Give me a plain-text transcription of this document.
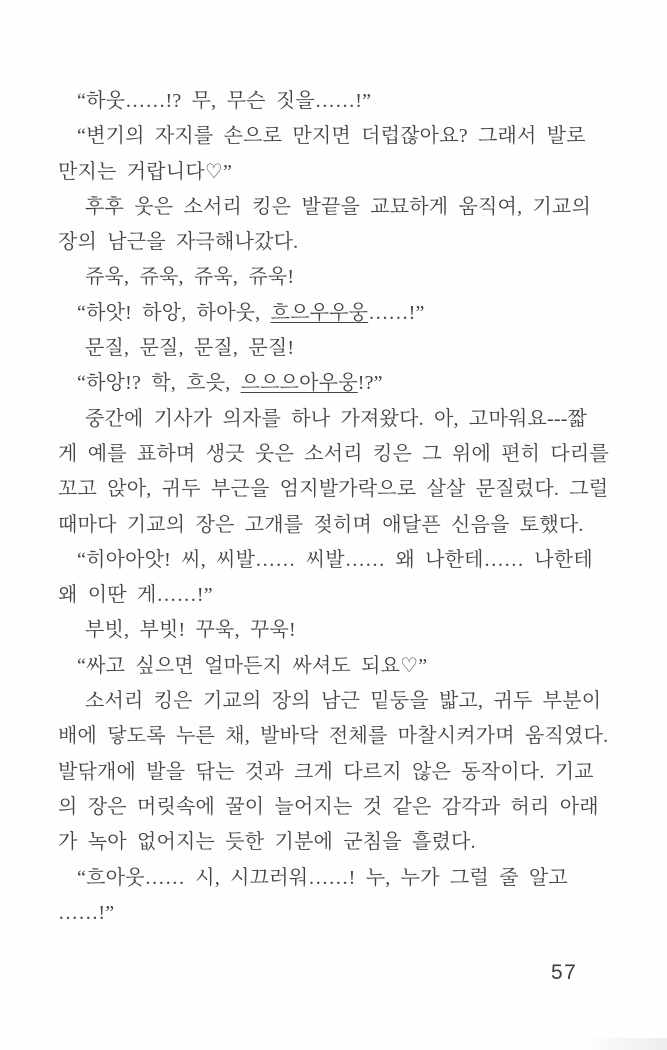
“하웃……!? 무, 무슨 짓을……!”
“변기의 자지를 손으로 만지면 더럽잖아요? 그래서 발로
만지는 거랍니다♡”
후후 웃은 소서리 킹은 발끝을 교묘하게 움직여, 기교의
장의 남근을 자극해나갔다.
쥬욱, 쥬욱, 쥬욱, 쥬욱!
“하앗! 하앙, 하아웃, 흐으우우웅……!”
문질, 문질, 문질, 문질!
“하앙!? 학, 흐읏, 으으으아우웅!?”
중간에 기사가 의자를 하나 가져왔다. 아, 고마워요---짧
게 예를 표하며 생긋 웃은 소서리 킹은 그 위에 편히 다리를
꼬고 앉아, 귀두 부근을 엄지발가락으로 살살 문질렀다. 그럴
때마다 기교의 장은 고개를 젖히며 애달픈 신음을 토했다.
“히아아앗! 씨, 씨발…… 씨발…… 왜 나한테…… 나한테
왜 이딴 게……!”
부빗, 부빗! 꾸욱, 꾸욱!
“싸고 싶으면 얼마든지 싸셔도 되요♡”
소서리 킹은 기교의 장의 남근 밑둥을 밟고, 귀두 부분이
배에 닿도록 누른 채, 발바닥 전체를 마찰시켜가며 움직였다.
발닦개에 발을 닦는 것과 크게 다르지 않은 동작이다. 기교
의 장은 머릿속에 꿀이 늘어지는 것 같은 감각과 허리 아래
가 녹아 없어지는 듯한 기분에 군침을 흘렸다.
“흐아웃…… 시, 시끄러워……! 누, 누가 그럴 줄 알고
……!”
57
